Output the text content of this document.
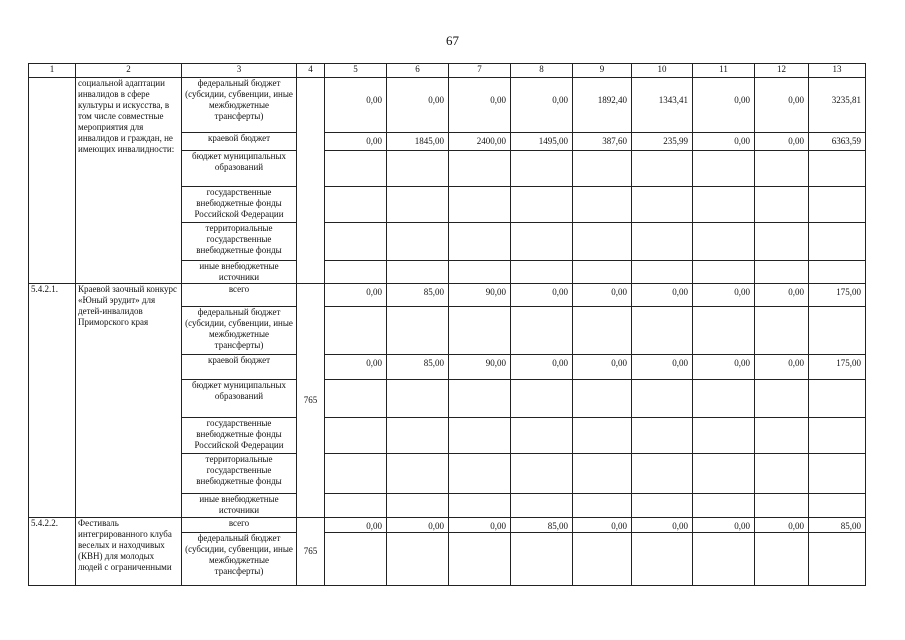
67
1	2	3	4	5	6	7	8	9	10	11	12	13
	социальной адаптации инвалидов в сфере культуры и искусства, в том числе совместные мероприятия для инвалидов и граждан, не имеющих инвалидности:	федеральный бюджет (субсидии, субвенции, иные межбюджетные трансферты)		0,00	0,00	0,00	0,00	1892,40	1343,41	0,00	0,00	3235,81
		краевой бюджет		0,00	1845,00	2400,00	1495,00	387,60	235,99	0,00	0,00	6363,59
		бюджет муниципальных образований										
		государственные внебюджетные фонды Российской Федерации										
		территориальные государственные внебюджетные фонды										
		иные внебюджетные источники										
5.4.2.1.	Краевой заочный конкурс «Юный эрудит» для детей-инвалидов Приморского края	всего	765	0,00	85,00	90,00	0,00	0,00	0,00	0,00	0,00	175,00
		федеральный бюджет (субсидии, субвенции, иные межбюджетные трансферты)										
		краевой бюджет		0,00	85,00	90,00	0,00	0,00	0,00	0,00	0,00	175,00
		бюджет муниципальных образований										
		государственные внебюджетные фонды Российской Федерации										
		территориальные государственные внебюджетные фонды										
		иные внебюджетные источники										
5.4.2.2.	Фестиваль интегрированного клуба веселых и находчивых (КВН) для молодых людей с ограниченными	всего	765	0,00	0,00	0,00	85,00	0,00	0,00	0,00	0,00	85,00
		федеральный бюджет (субсидии, субвенции, иные межбюджетные трансферты)										
